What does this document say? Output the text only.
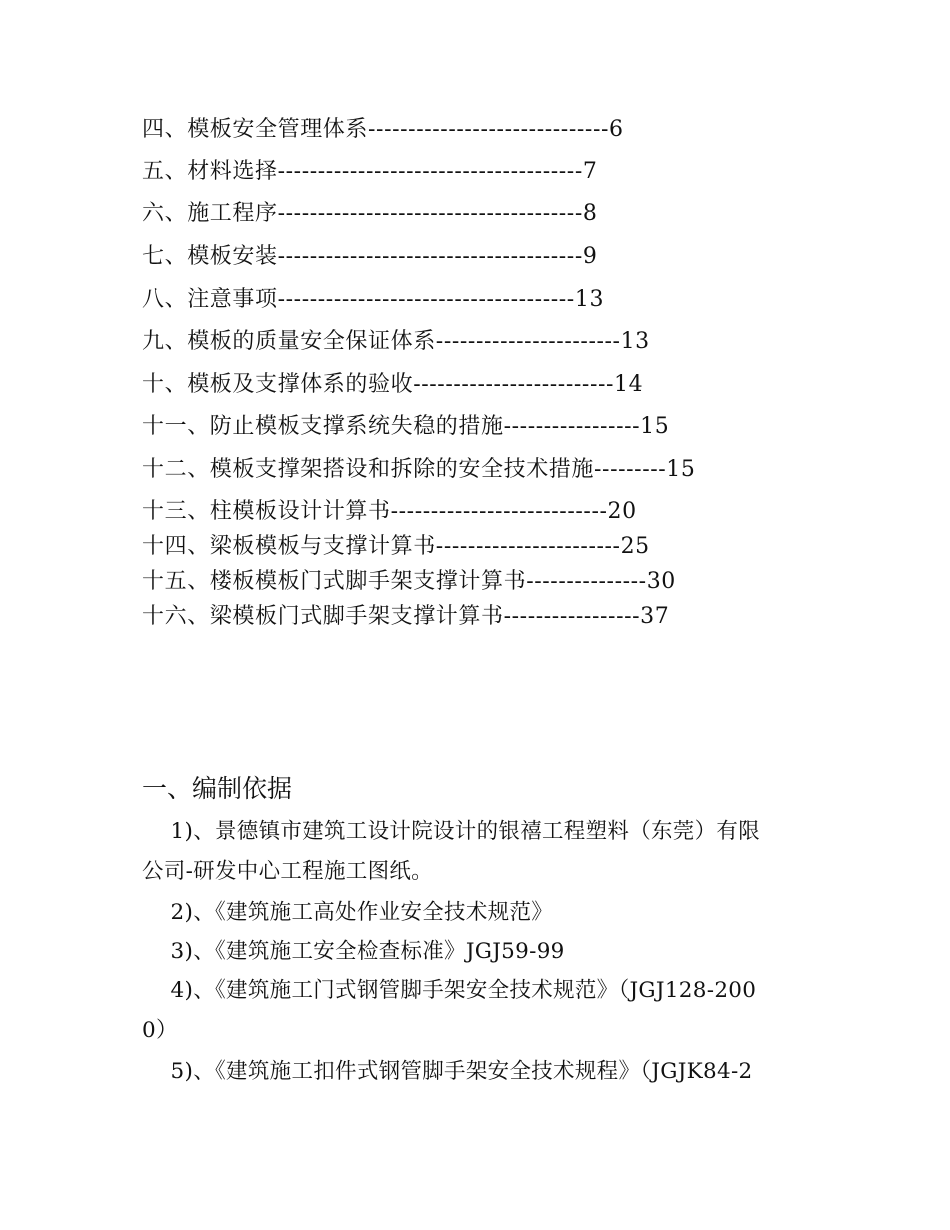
四、模板安全管理体系------------------------------6
五、材料选择--------------------------------------7
六、施工程序--------------------------------------8
七、模板安装--------------------------------------9
八、注意事项-------------------------------------13
九、模板的质量安全保证体系-----------------------13
十、模板及支撑体系的验收-------------------------14
十一、防止模板支撑系统失稳的措施-----------------15
十二、模板支撑架搭设和拆除的安全技术措施---------15
十三、柱模板设计计算书---------------------------20
十四、梁板模板与支撑计算书-----------------------25
十五、楼板模板门式脚手架支撑计算书---------------30
十六、梁模板门式脚手架支撑计算书-----------------37
一、编制依据
1)、景德镇市建筑工设计院设计的银禧工程塑料（东莞）有限
公司-研发中心工程施工图纸。
2)、《建筑施工高处作业安全技术规范》
3)、《建筑施工安全检查标准》JGJ59-99
4)、《建筑施工门式钢管脚手架安全技术规范》（JGJ128-200
0）
5)、《建筑施工扣件式钢管脚手架安全技术规程》（JGJK84-2
